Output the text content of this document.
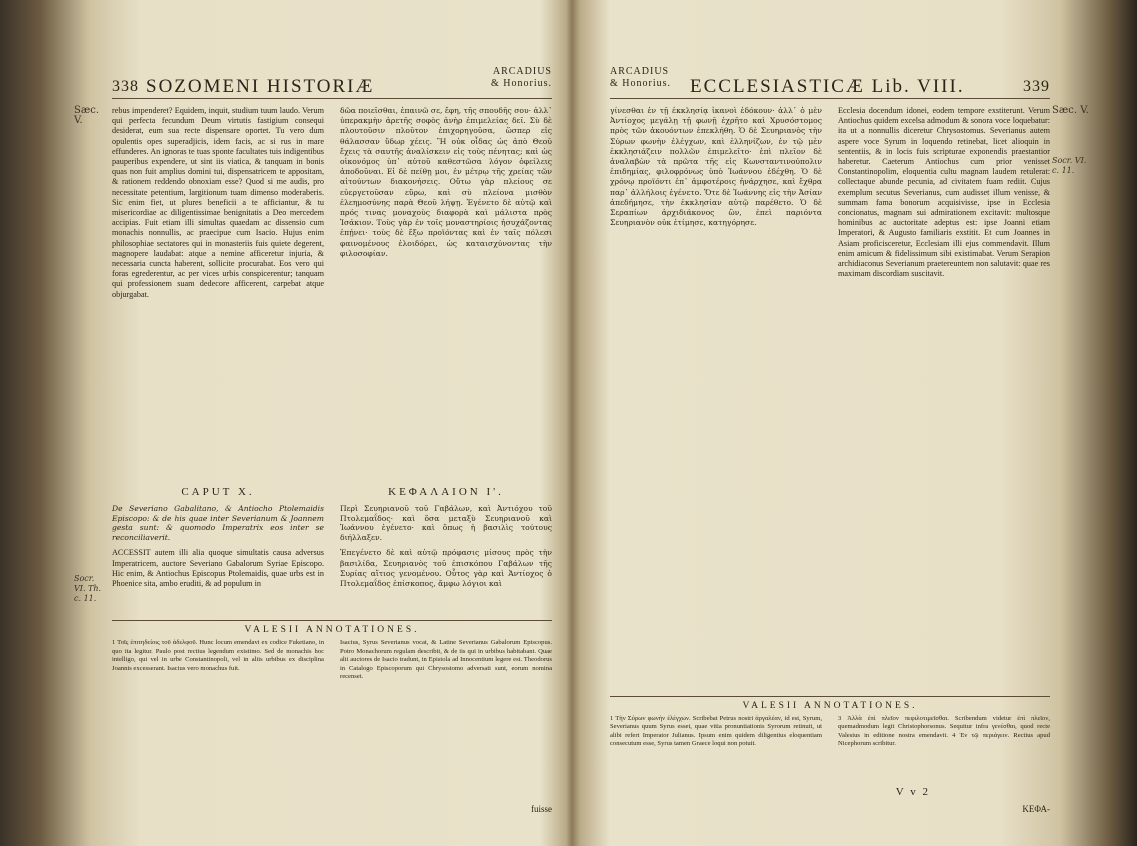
338 SOZOMENI HISTORIÆ
ARCADIUS
& Honorius.
Sæc. V.
Socr. VI. Th. c. 11.

rebus impenderet? Equidem, inquit, studium tuum laudo. Verum qui perfecta fecundum Deum virtutis fastigium consequi desiderat, eum sua recte dispensare oportet. Tu vero dum opulentis opes superadjicis, idem facis, ac si rus in mare effunderes. An ignoras te tuas sponte facultates tuis indigentibus pauperibus expendere, ut sint iis viatica, & tanquam in bonis quas non fuit amplius domini tui, dispensatricem te appositam, & rationem reddendo obnoxiam esse? Quod si me audis, pro necessitate petentium, largitionum tuam dimenso moderaberis. Sic enim fiet, ut plures beneficii a te afficiantur, & tu misericordiae ac diligentissimae benignitatis a Deo mercedem accipias. Fuit etiam illi simultas quaedam ac dissensio cum monachis nonnullis, ac praecipue cum Isacio. Hujus enim philosophiae sectatores qui in monasteriis fuis quiete degerent, magnopere laudabat: atque a nemine afficeretur injuria, & necessaria cuncta haberent, sollicite procurabat. Eos vero qui foras egrederentur, ac per vices urbis conspicerentur; tanquam qui professionem suam dedecore afficerent, carpebat atque objurgabat.

δῶα ποιεῖσθαι, ἐπαινῶ σε, ἔφη, τῆς σπουδῆς σου· ἀλλ᾽ ὑπερακμὴν ἀρετῆς σοφὸς ἀνὴρ ἐπιμελείας δεῖ. Σὺ δὲ πλουτοῦσιν πλοῦτον ἐπιχορηγοῦσα, ὥσπερ εἰς θάλασσαν ὕδωρ χέεις. Ἢ οὐκ οἶδας ὡς ἀπὸ Θεοῦ ἔχεις τὰ σαυτῆς ἀναλίσκειν εἰς τοὺς πένητας; καὶ ὡς οἰκονόμος ὑπ᾽ αὐτοῦ καθεστῶσα λόγον ὀφείλεις ἀποδοῦναι. Εἰ δὲ πείθῃ μοι, ἐν μέτρῳ τῆς χρείας τῶν αἰτούντων διακονήσεις. Οὕτω γὰρ πλείους σε εὐεργετοῦσαν εὕρω, καὶ σὺ πλείονα μισθὸν ἐλεημοσύνης παρὰ Θεοῦ λήψῃ. Ἐγένετο δὲ αὐτῷ καὶ πρός τινας μοναχοὺς διαφορὰ καὶ μάλιστα πρὸς Ἰσάκιον. Τοὺς γὰρ ἐν τοῖς μοναστηρίοις ἡσυχάζοντας ἐπῄνει· τοὺς δὲ ἔξω προϊόντας καὶ ἐν ταῖς πόλεσι φαινομένους ἐλοιδόρει, ὡς καταισχύνοντας τὴν φιλοσοφίαν.

CAPUT X.	ΚΕΦΑΛΑΙΟΝ Ι'.
De Severiano Gabalitano, & Antiocho Ptolemaidis Episcopo: & de his quae inter Severianum & Joannem gesta sunt: & quomodo Imperatrix eos inter se reconciliaverit.
Περὶ Σευηριανοῦ τοῦ Γαβάλων, καὶ Ἀντιόχου τοῦ Πτολεμαΐδος· καὶ ὅσα μεταξὺ Σευηριανοῦ καὶ Ἰωάννου ἐγένετο· καὶ ὅπως ἡ βασιλὶς τούτους διήλλαξεν.

ACCESSIT autem illi alia quoque simultatis causa adversus Imperatricem, auctore Severiano Gabalorum Syriae Episcopo. Hic enim, & Antiochus Episcopus Ptolemaidis, quae urbs est in Phoenice sita, ambo eruditi, & ad populum in

Ἐπεγένετο δὲ καὶ αὐτῷ πρόφασις μίσους πρὸς τὴν βασιλίδα, Σευηριανὸς τοῦ ἐπισκόπου Γαβάλων τῆς Συρίας αἴτιος γενομένου. Οὗτος γὰρ καὶ Ἀντίοχος ὁ Πτολεμαΐδος ἐπίσκοπος, ἄμφω λόγιοι καὶ

VALESII ANNOTATIONES.
1 Τοῖς ἐπιτηδείοις τοῦ ἀδελφοῦ. Hunc locum emendavi ex codice Fuketiano, in quo ita legitur. Paulo post rectius legendum existimo. Sed de monachis hoc intelligo, qui vel in urbe Constantinopoli, vel in aliis urbibus ex disciplina Joannis excesserant. Isacius vero monachus fuit.
Isacius, Syrus Severianus vocat, & Latine Severianus Gabalorum Episcopus. Potro Monachorum regulam describit, & de iis qui in urbibus habitabant. Quae alii auctores de Isacio tradunt, in Epistola ad Innocentium legere est. Theodorus in Catalogo Episcoporum qui Chrysostomo adversati sunt, eorum nomina recenset.
fuisse
ARCADIUS
& Honorius. ECCLESIASTICÆ Lib. VIII.	339
Sæc. V.
Socr. VI. c. 11.

γίνεσθαι ἐν τῇ ἐκκλησίᾳ ἱκανοὶ ἐδόκουν· ἀλλ᾽ ὁ μὲν Ἀντίοχος μεγάλῃ τῇ φωνῇ ἐχρῆτο καὶ Χρυσόστομος πρὸς τῶν ἀκουόντων ἐπεκλήθη. Ὁ δὲ Σευηριανὸς τὴν Σύρων φωνὴν ἐλέγχων, καὶ ἑλληνίζων, ἐν τῷ μὲν ἐκκλησιάζειν πολλῶν ἐπιμελεῖτο· ἐπὶ πλεῖον δὲ ἀναλαβὼν τὰ πρῶτα τῆς εἰς Κωνσταντινούπολιν ἐπιδημίας, φιλοφρόνως ὑπὸ Ἰωάννου ἐδέχθη. Ὁ δὲ χρόνῳ προϊόντι ἐπ᾽ ἀμφοτέροις ἠνάρχησε, καὶ ἔχθρα παρ᾽ ἀλλήλοις ἐγένετο. Ὅτε δὲ Ἰωάννης εἰς τὴν Ἀσίαν ἀπεδήμησε, τὴν ἐκκλησίαν αὐτῷ παρέθετο. Ὁ δὲ Σεραπίων ἀρχιδιάκονος ὢν, ἐπεὶ παριόντα Σευηριανὸν οὐκ ἐτίμησε, κατηγόρησε.

Ecclesia docendum idonei, eodem tempore exstiterunt. Verum Antiochus quidem excelsa admodum & sonora voce loquebatur: ita ut a nonnullis diceretur Chrysostomus. Severianus autem aspere voce Syrum in loquendo retinebat, licet alioquin in sententiis, & in locis fuis scripturae exponendis praestantior haberetur. Caeterum Antiochus cum prior venisset Constantinopolim, eloquentia cultu magnam laudem retulerat: collectaque abunde pecunia, ad civitatem fuam rediit. Cujus exemplum secutus Severianus, cum audisset illum venisse, & summam fama bonorum acquisivisse, ipse in Ecclesia concionatus, magnam sui admirationem excitavit: multosque hominibus ac auctoritate adeptus est: ipse Joanni etiam Imperatori, & Augusto familiaris exstitit. Et cum Joannes in Asiam proficisceretur, Ecclesiam illi ejus commendavit. Illum enim amicum & fidelissimum sibi existimabat. Verum Serapion archidiaconus Severianum praetereuntem non salutavit: quae res maximam discordiam suscitavit.

VALESII ANNOTATIONES.
1 Τὴν Σύρων φωνὴν ἐλέγχων. Scribebat Petrus nostri ἀργαλέαν, id est, Syrum, Severianus quum Syrus esset, quae vitia pronuntiationis Syrorum retinuit, ut alibi refert Imperator Julianus. Ipsum enim quidem diligentius eloquentiam consecutum esse, Syrus tamen Graece loqui non potuit.
3 Ἀλλὰ ἐπὶ πλεῖον πεφιλοτιμεῖσθαι. Scribendum videtur ἐπὶ πλεῖον, quemadmodum legit Christophorsonus. Sequitur infra γενέσθαι, quod recte Valesius in editione nostra emendavit. 4 Ἐν τῷ περιάγειν. Rectius apud Nicephorum scribitur.
V v 2
ΚΕΦΑ-
